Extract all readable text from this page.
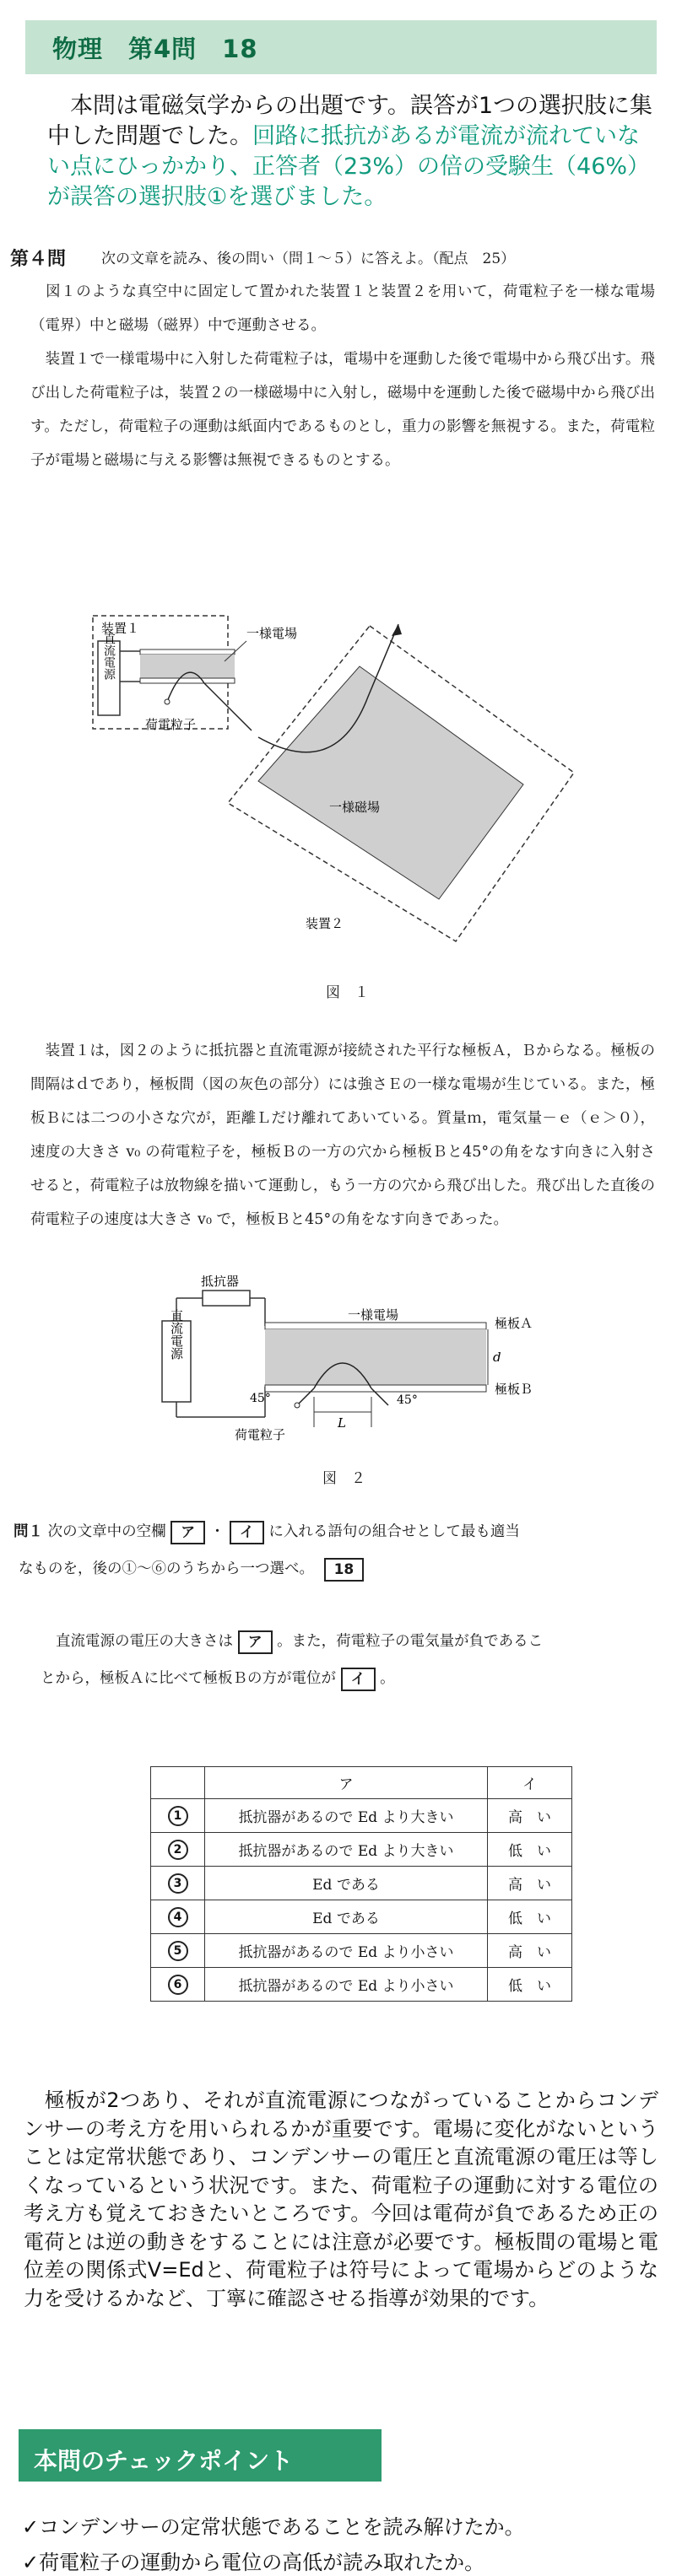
物理　第4問　18
　本問は電磁気学からの出題です。誤答が1つの選択肢に集中した問題でした。回路に抵抗があるが電流が流れていない点にひっかかり、正答者（23%）の倍の受験生（46%）が誤答の選択肢①を選びました。
第４問 次の文章を読み、後の問い（問１〜５）に答えよ。（配点　25）
　図１のような真空中に固定して置かれた装置１と装置２を用いて，荷電粒子を一様な電場（電界）中と磁場（磁界）中で運動させる。
　装置１で一様電場中に入射した荷電粒子は，電場中を運動した後で電場中から飛び出す。飛び出した荷電粒子は，装置２の一様磁場中に入射し，磁場中を運動した後で磁場中から飛び出す。ただし，荷電粒子の運動は紙面内であるものとし，重力の影響を無視する。また，荷電粒子が電場と磁場に与える影響は無視できるものとする。
装置１
直流電源	一様電場
荷電粒子
一様磁場
装置２
図　１
　装置１は，図２のように抵抗器と直流電源が接続された平行な極板Ａ，Ｂからなる。極板の間隔はｄであり，極板間（図の灰色の部分）には強さＥの一様な電場が生じている。また，極板Ｂには二つの小さな穴が，距離Ｌだけ離れてあいている。質量ｍ，電気量－ｅ（ｅ＞０），速度の大きさ v₀ の荷電粒子を，極板Ｂの一方の穴から極板Ｂと45°の角をなす向きに入射させると，荷電粒子は放物線を描いて運動し，もう一方の穴から飛び出した。飛び出した直後の荷電粒子の速度は大きさ v₀ で，極板Ｂと45°の角をなす向きであった。
抵抗器
直流電源	一様電場
極板Ａ
極板Ｂ
d
45°	45°
L
荷電粒子
図　２
問１ 次の文章中の空欄 ア ・ イ に入れる語句の組合せとして最も適当
なものを，後の①〜⑥のうちから一つ選べ。 18
直流電源の電圧の大きさは ア 。また，荷電粒子の電気量が負であるこ
とから，極板Ａに比べて極板Ｂの方が電位が イ 。
	ア	イ
1	抵抗器があるので Ed より大きい	高　い
2	抵抗器があるので Ed より大きい	低　い
3	Ed である	高　い
4	Ed である	低　い
5	抵抗器があるので Ed より小さい	高　い
6	抵抗器があるので Ed より小さい	低　い
　極板が2つあり、それが直流電源につながっていることからコンデンサーの考え方を用いられるかが重要です。電場に変化がないということは定常状態であり、コンデンサーの電圧と直流電源の電圧は等しくなっているという状況です。また、荷電粒子の運動に対する電位の考え方も覚えておきたいところです。今回は電荷が負であるため正の電荷とは逆の動きをすることには注意が必要です。極板間の電場と電位差の関係式V=Edと、荷電粒子は符号によって電場からどのような力を受けるかなど、丁寧に確認させる指導が効果的です。
本問のチェックポイント
✓コンデンサーの定常状態であることを読み解けたか。
✓荷電粒子の運動から電位の高低が読み取れたか。
